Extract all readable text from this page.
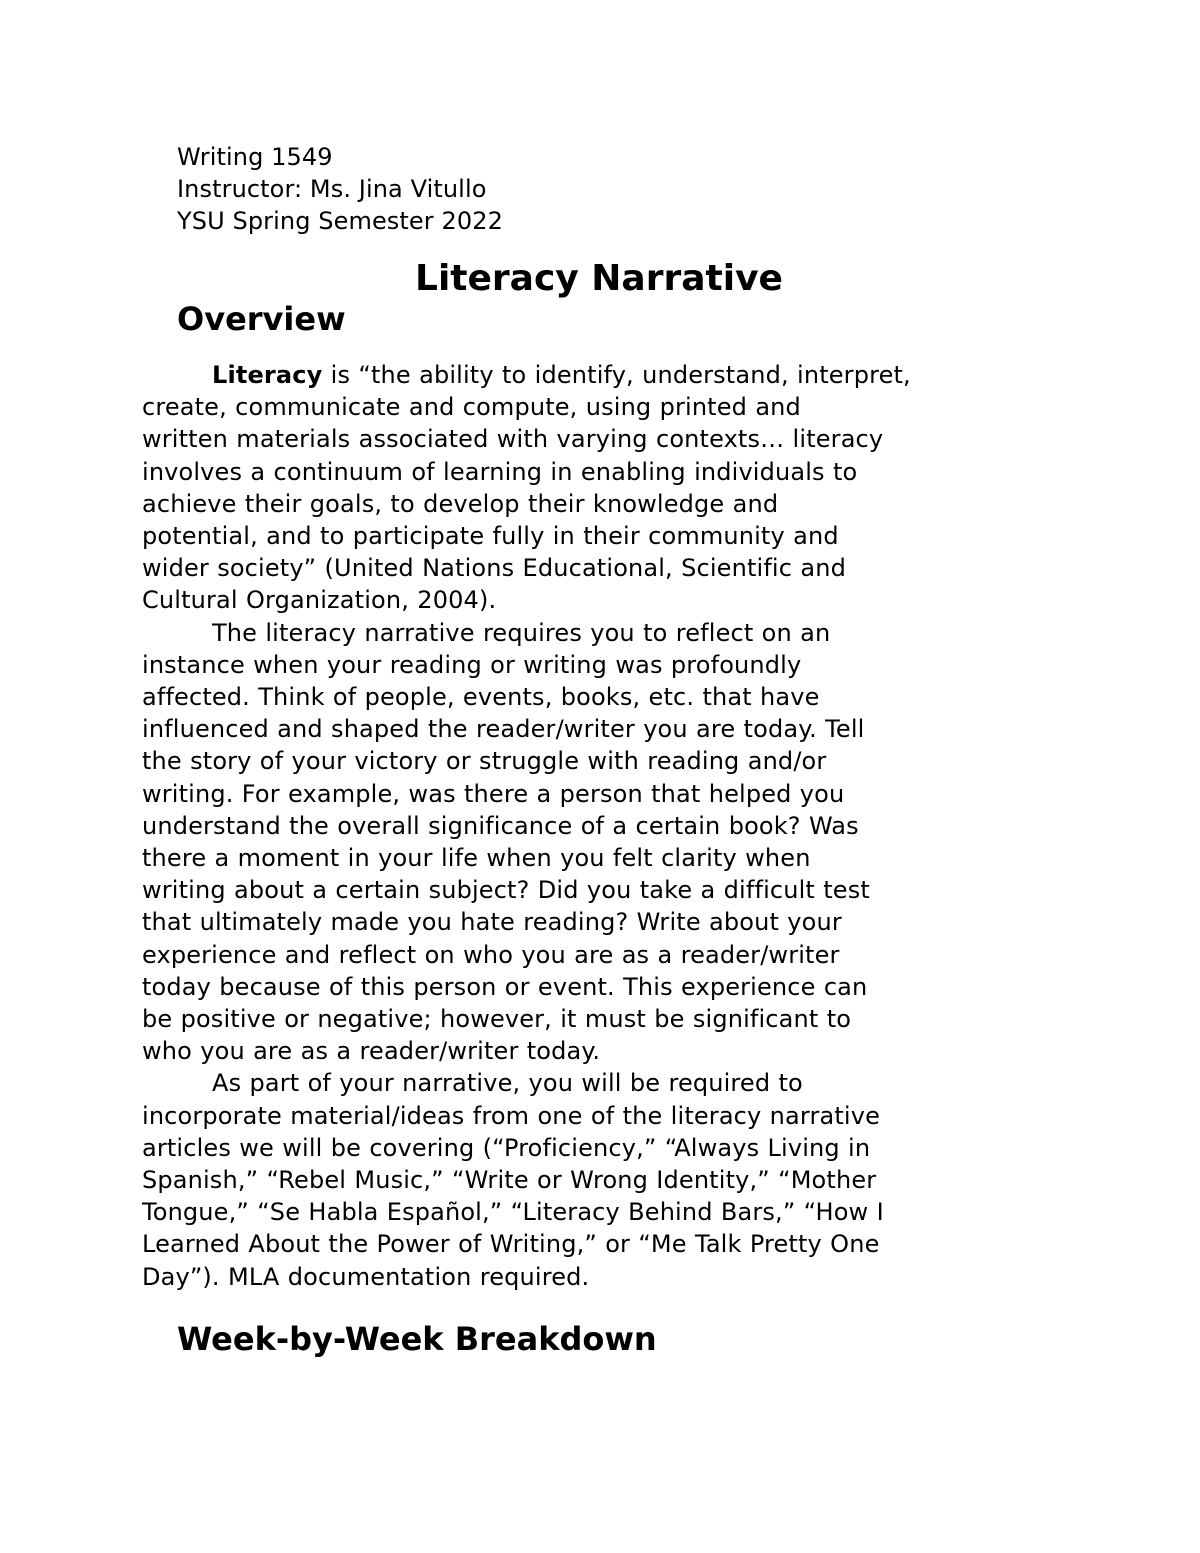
Writing 1549
Instructor: Ms. Jina Vitullo
YSU Spring Semester 2022
Literacy Narrative
Overview

Literacy is “the ability to identify, understand, interpret,
create, communicate and compute, using printed and
written materials associated with varying contexts… literacy
involves a continuum of learning in enabling individuals to
achieve their goals, to develop their knowledge and
potential, and to participate fully in their community and
wider society” (United Nations Educational, Scientific and
Cultural Organization, 2004).

The literacy narrative requires you to reflect on an
instance when your reading or writing was profoundly
affected. Think of people, events, books, etc. that have
influenced and shaped the reader/writer you are today. Tell
the story of your victory or struggle with reading and/or
writing. For example, was there a person that helped you
understand the overall significance of a certain book? Was
there a moment in your life when you felt clarity when
writing about a certain subject? Did you take a difficult test
that ultimately made you hate reading? Write about your
experience and reflect on who you are as a reader/writer
today because of this person or event. This experience can
be positive or negative; however, it must be significant to
who you are as a reader/writer today.

As part of your narrative, you will be required to
incorporate material/ideas from one of the literacy narrative
articles we will be covering (“Proficiency,” “Always Living in
Spanish,” “Rebel Music,” “Write or Wrong Identity,” “Mother
Tongue,” “Se Habla Español,” “Literacy Behind Bars,” “How I
Learned About the Power of Writing,” or “Me Talk Pretty One
Day”). MLA documentation required.

Week-by-Week Breakdown
